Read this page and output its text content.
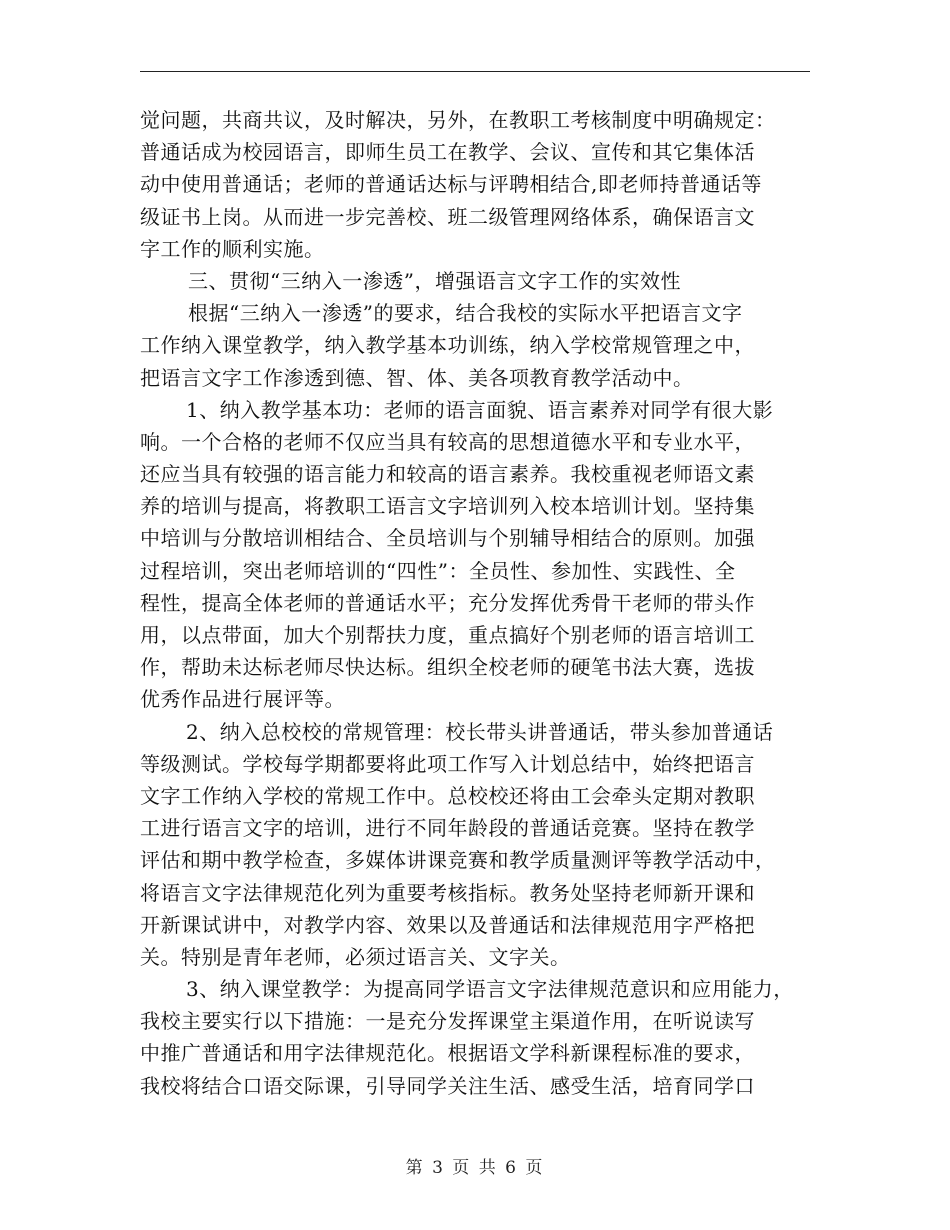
觉问题，共商共议，及时解决，另外，在教职工考核制度中明确规定：
普通话成为校园语言，即师生员工在教学、会议、宣传和其它集体活
动中使用普通话；老师的普通话达标与评聘相结合,即老师持普通话等
级证书上岗。从而进一步完善校、班二级管理网络体系，确保语言文
字工作的顺利实施。
三、贯彻“三纳入一渗透”，增强语言文字工作的实效性
根据“三纳入一渗透”的要求，结合我校的实际水平把语言文字
工作纳入课堂教学，纳入教学基本功训练，纳入学校常规管理之中，
把语言文字工作渗透到德、智、体、美各项教育教学活动中。
1、纳入教学基本功：老师的语言面貌、语言素养对同学有很大影
响。一个合格的老师不仅应当具有较高的思想道德水平和专业水平，
还应当具有较强的语言能力和较高的语言素养。我校重视老师语文素
养的培训与提高，将教职工语言文字培训列入校本培训计划。坚持集
中培训与分散培训相结合、全员培训与个别辅导相结合的原则。加强
过程培训，突出老师培训的“四性”：全员性、参加性、实践性、全
程性，提高全体老师的普通话水平；充分发挥优秀骨干老师的带头作
用，以点带面，加大个别帮扶力度，重点搞好个别老师的语言培训工
作，帮助未达标老师尽快达标。组织全校老师的硬笔书法大赛，选拔
优秀作品进行展评等。
2、纳入总校校的常规管理：校长带头讲普通话，带头参加普通话
等级测试。学校每学期都要将此项工作写入计划总结中，始终把语言
文字工作纳入学校的常规工作中。总校校还将由工会牵头定期对教职
工进行语言文字的培训，进行不同年龄段的普通话竞赛。坚持在教学
评估和期中教学检查，多媒体讲课竞赛和教学质量测评等教学活动中，
将语言文字法律规范化列为重要考核指标。教务处坚持老师新开课和
开新课试讲中，对教学内容、效果以及普通话和法律规范用字严格把
关。特别是青年老师，必须过语言关、文字关。
3、纳入课堂教学：为提高同学语言文字法律规范意识和应用能力，
我校主要实行以下措施：一是充分发挥课堂主渠道作用，在听说读写
中推广普通话和用字法律规范化。根据语文学科新课程标准的要求，
我校将结合口语交际课，引导同学关注生活、感受生活，培育同学口
第 3 页 共 6 页
